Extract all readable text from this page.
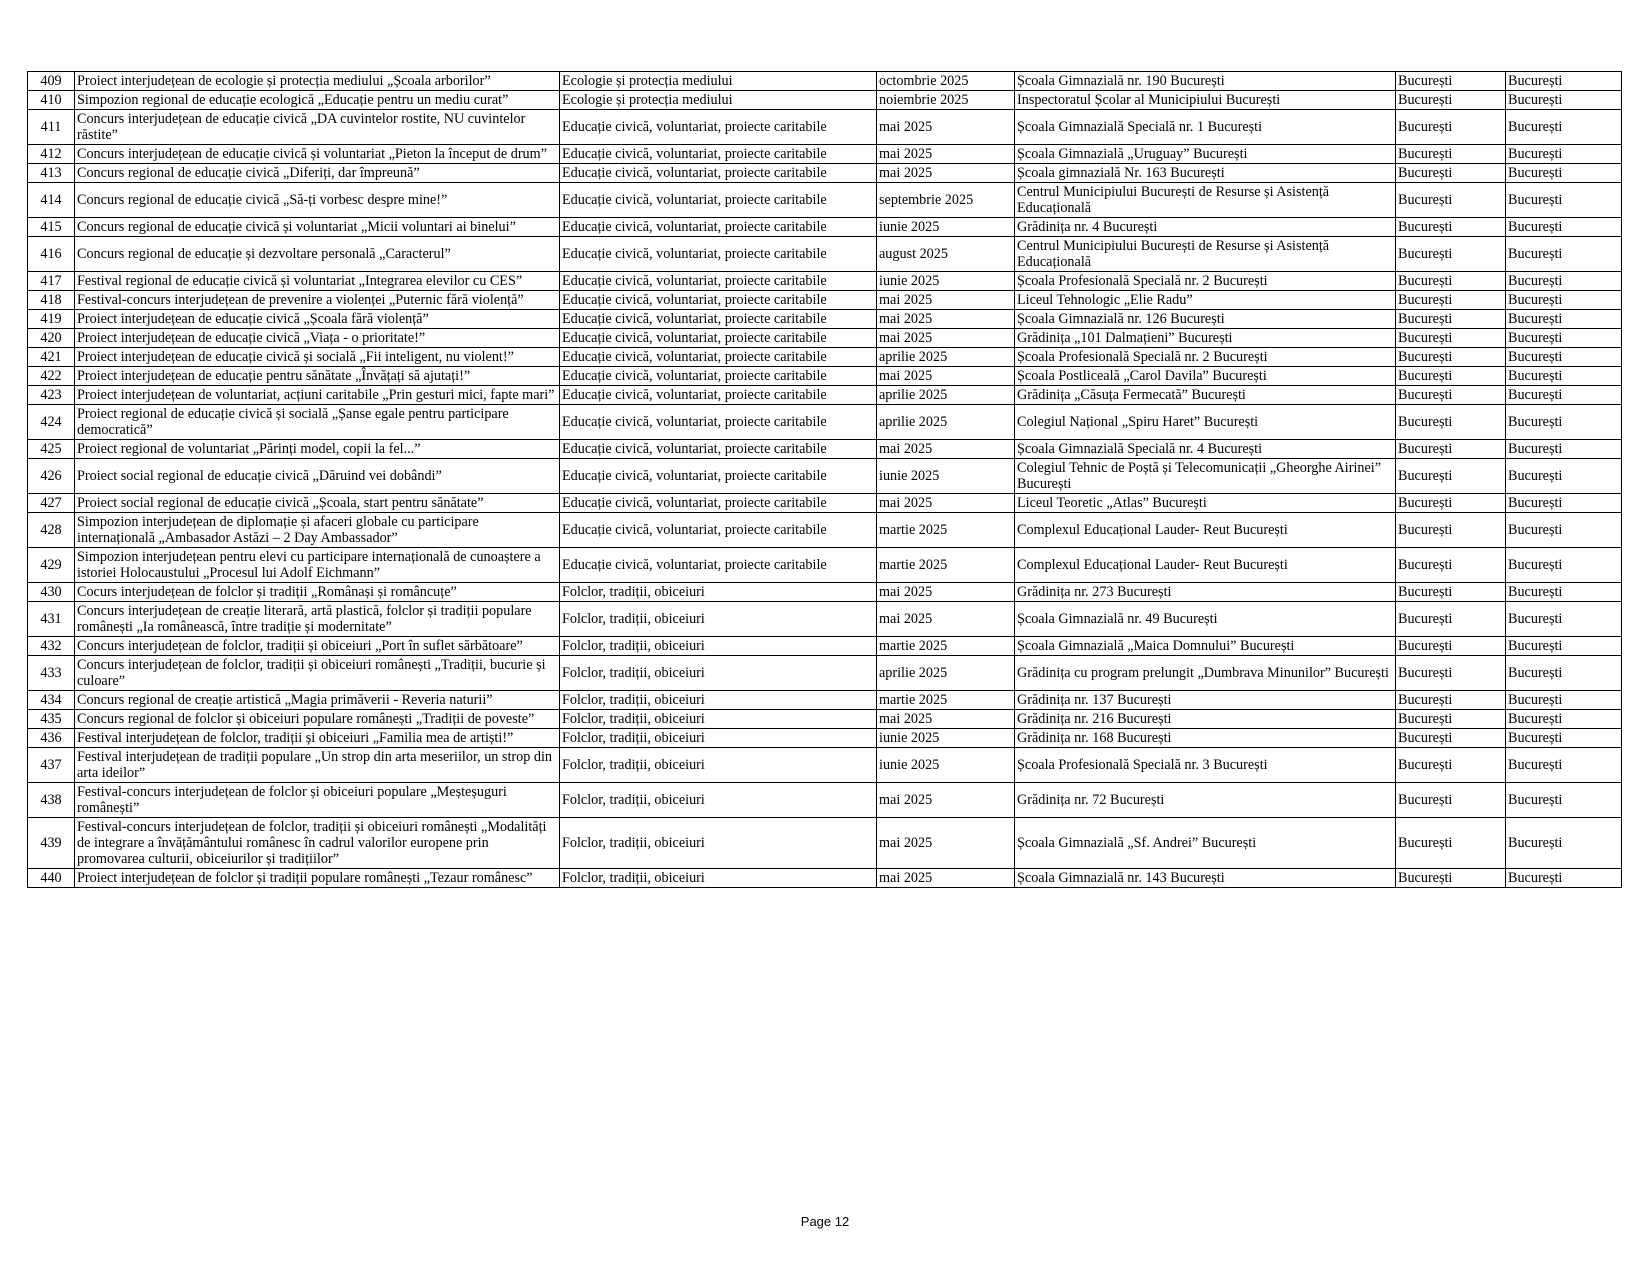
409	Proiect interjudețean de ecologie și protecția mediului „Școala arborilor”	Ecologie și protecția mediului	octombrie 2025	Școala Gimnazială nr. 190 București	București	București
410	Simpozion regional de educație ecologică „Educație pentru un mediu curat”	Ecologie și protecția mediului	noiembrie 2025	Inspectoratul Școlar al Municipiului București	București	București
411	Concurs interjudețean de educație civică „DA cuvintelor rostite, NU cuvintelor răstite”	Educație civică, voluntariat, proiecte caritabile	mai 2025	Școala Gimnazială Specială nr. 1 București	București	București
412	Concurs interjudețean de educație civică și voluntariat „Pieton la început de drum”	Educație civică, voluntariat, proiecte caritabile	mai 2025	Școala Gimnazială „Uruguay” București	București	București
413	Concurs regional de educație civică „Diferiți, dar împreună”	Educație civică, voluntariat, proiecte caritabile	mai 2025	Școala gimnazială Nr. 163 București	București	București
414	Concurs regional de educație civică „Să-ți vorbesc despre mine!”	Educație civică, voluntariat, proiecte caritabile	septembrie 2025	Centrul Municipiului București de Resurse și Asistență Educațională	București	București
415	Concurs regional de educație civică și voluntariat „Micii voluntari ai binelui”	Educație civică, voluntariat, proiecte caritabile	iunie 2025	Grădinița nr. 4 București	București	București
416	Concurs regional de educație și dezvoltare personală „Caracterul”	Educație civică, voluntariat, proiecte caritabile	august 2025	Centrul Municipiului București de Resurse și Asistență Educațională	București	București
417	Festival regional de educație civică și voluntariat „Integrarea elevilor cu CES”	Educație civică, voluntariat, proiecte caritabile	iunie 2025	Școala Profesională Specială nr. 2 București	București	București
418	Festival-concurs interjudețean de prevenire a violenței „Puternic fără violență”	Educație civică, voluntariat, proiecte caritabile	mai 2025	Liceul Tehnologic „Elie Radu”	București	București
419	Proiect interjudețean de educație civică „Școala fără violență”	Educație civică, voluntariat, proiecte caritabile	mai 2025	Școala Gimnazială nr. 126 București	București	București
420	Proiect interjudețean de educație civică „Viața - o prioritate!”	Educație civică, voluntariat, proiecte caritabile	mai 2025	Grădinița „101 Dalmațieni” București	București	București
421	Proiect interjudețean de educație civică și socială „Fii inteligent, nu violent!”	Educație civică, voluntariat, proiecte caritabile	aprilie 2025	Școala Profesională Specială nr. 2 București	București	București
422	Proiect interjudețean de educație pentru sănătate „Învățați să ajutați!”	Educație civică, voluntariat, proiecte caritabile	mai 2025	Școala Postliceală „Carol Davila” București	București	București
423	Proiect interjudețean de voluntariat, acțiuni caritabile „Prin gesturi mici, fapte mari”	Educație civică, voluntariat, proiecte caritabile	aprilie 2025	Grădinița „Căsuța Fermecată” București	București	București
424	Proiect regional de educație civică și socială „Șanse egale pentru participare democratică”	Educație civică, voluntariat, proiecte caritabile	aprilie 2025	Colegiul Național „Spiru Haret” București	București	București
425	Proiect regional de voluntariat „Părinți model, copii la fel...”	Educație civică, voluntariat, proiecte caritabile	mai 2025	Școala Gimnazială Specială nr. 4 București	București	București
426	Proiect social regional de educație civică „Dăruind vei dobândi”	Educație civică, voluntariat, proiecte caritabile	iunie 2025	Colegiul Tehnic de Poștă și Telecomunicații „Gheorghe Airinei” București	București	București
427	Proiect social regional de educație civică „Școala, start pentru sănătate”	Educație civică, voluntariat, proiecte caritabile	mai 2025	Liceul Teoretic „Atlas” București	București	București
428	Simpozion interjudețean de diplomație și afaceri globale cu participare internațională „Ambasador Astăzi – 2 Day Ambassador”	Educație civică, voluntariat, proiecte caritabile	martie 2025	Complexul Educațional Lauder- Reut București	București	București
429	Simpozion interjudețean pentru elevi cu participare internațională de cunoaștere a istoriei Holocaustului „Procesul lui Adolf Eichmann”	Educație civică, voluntariat, proiecte caritabile	martie 2025	Complexul Educațional Lauder- Reut București	București	București
430	Cocurs interjudețean de folclor și tradiții „Românași și româncuțe”	Folclor, tradiții, obiceiuri	mai 2025	Grădinița nr. 273 București	București	București
431	Concurs interjudețean de creație literară, artă plastică, folclor și tradiții populare românești „Ia românească, între tradiție și modernitate”	Folclor, tradiții, obiceiuri	mai 2025	Școala Gimnazială nr. 49 București	București	București
432	Concurs interjudețean de folclor, tradiții și obiceiuri „Port în suflet sărbătoare”	Folclor, tradiții, obiceiuri	martie 2025	Școala Gimnazială „Maica Domnului” București	București	București
433	Concurs interjudețean de folclor, tradiții și obiceiuri românești „Tradiții, bucurie și culoare”	Folclor, tradiții, obiceiuri	aprilie 2025	Grădinița cu program prelungit „Dumbrava Minunilor” București	București	București
434	Concurs regional de creație artistică „Magia primăverii - Reveria naturii”	Folclor, tradiții, obiceiuri	martie 2025	Grădinița nr. 137 București	București	București
435	Concurs regional de folclor și obiceiuri populare românești „Tradiții de poveste”	Folclor, tradiții, obiceiuri	mai 2025	Grădinița nr. 216 București	București	București
436	Festival interjudețean de folclor, tradiții și obiceiuri „Familia mea de artiști!”	Folclor, tradiții, obiceiuri	iunie 2025	Grădinița nr. 168 București	București	București
437	Festival interjudețean de tradiții populare „Un strop din arta meseriilor, un strop din arta ideilor”	Folclor, tradiții, obiceiuri	iunie 2025	Școala Profesională Specială nr. 3 București	București	București
438	Festival-concurs interjudețean de folclor și obiceiuri populare „Meșteșuguri românești”	Folclor, tradiții, obiceiuri	mai 2025	Grădinița nr. 72 București	București	București
439	Festival-concurs interjudețean de folclor, tradiții și obiceiuri românești „Modalități de integrare a învățământului românesc în cadrul valorilor europene prin promovarea culturii, obiceiurilor și tradițiilor”	Folclor, tradiții, obiceiuri	mai 2025	Școala Gimnazială „Sf. Andrei” București	București	București
440	Proiect interjudețean de folclor și tradiții populare românești „Tezaur românesc”	Folclor, tradiții, obiceiuri	mai 2025	Școala Gimnazială nr. 143 București	București	București
Page 12
